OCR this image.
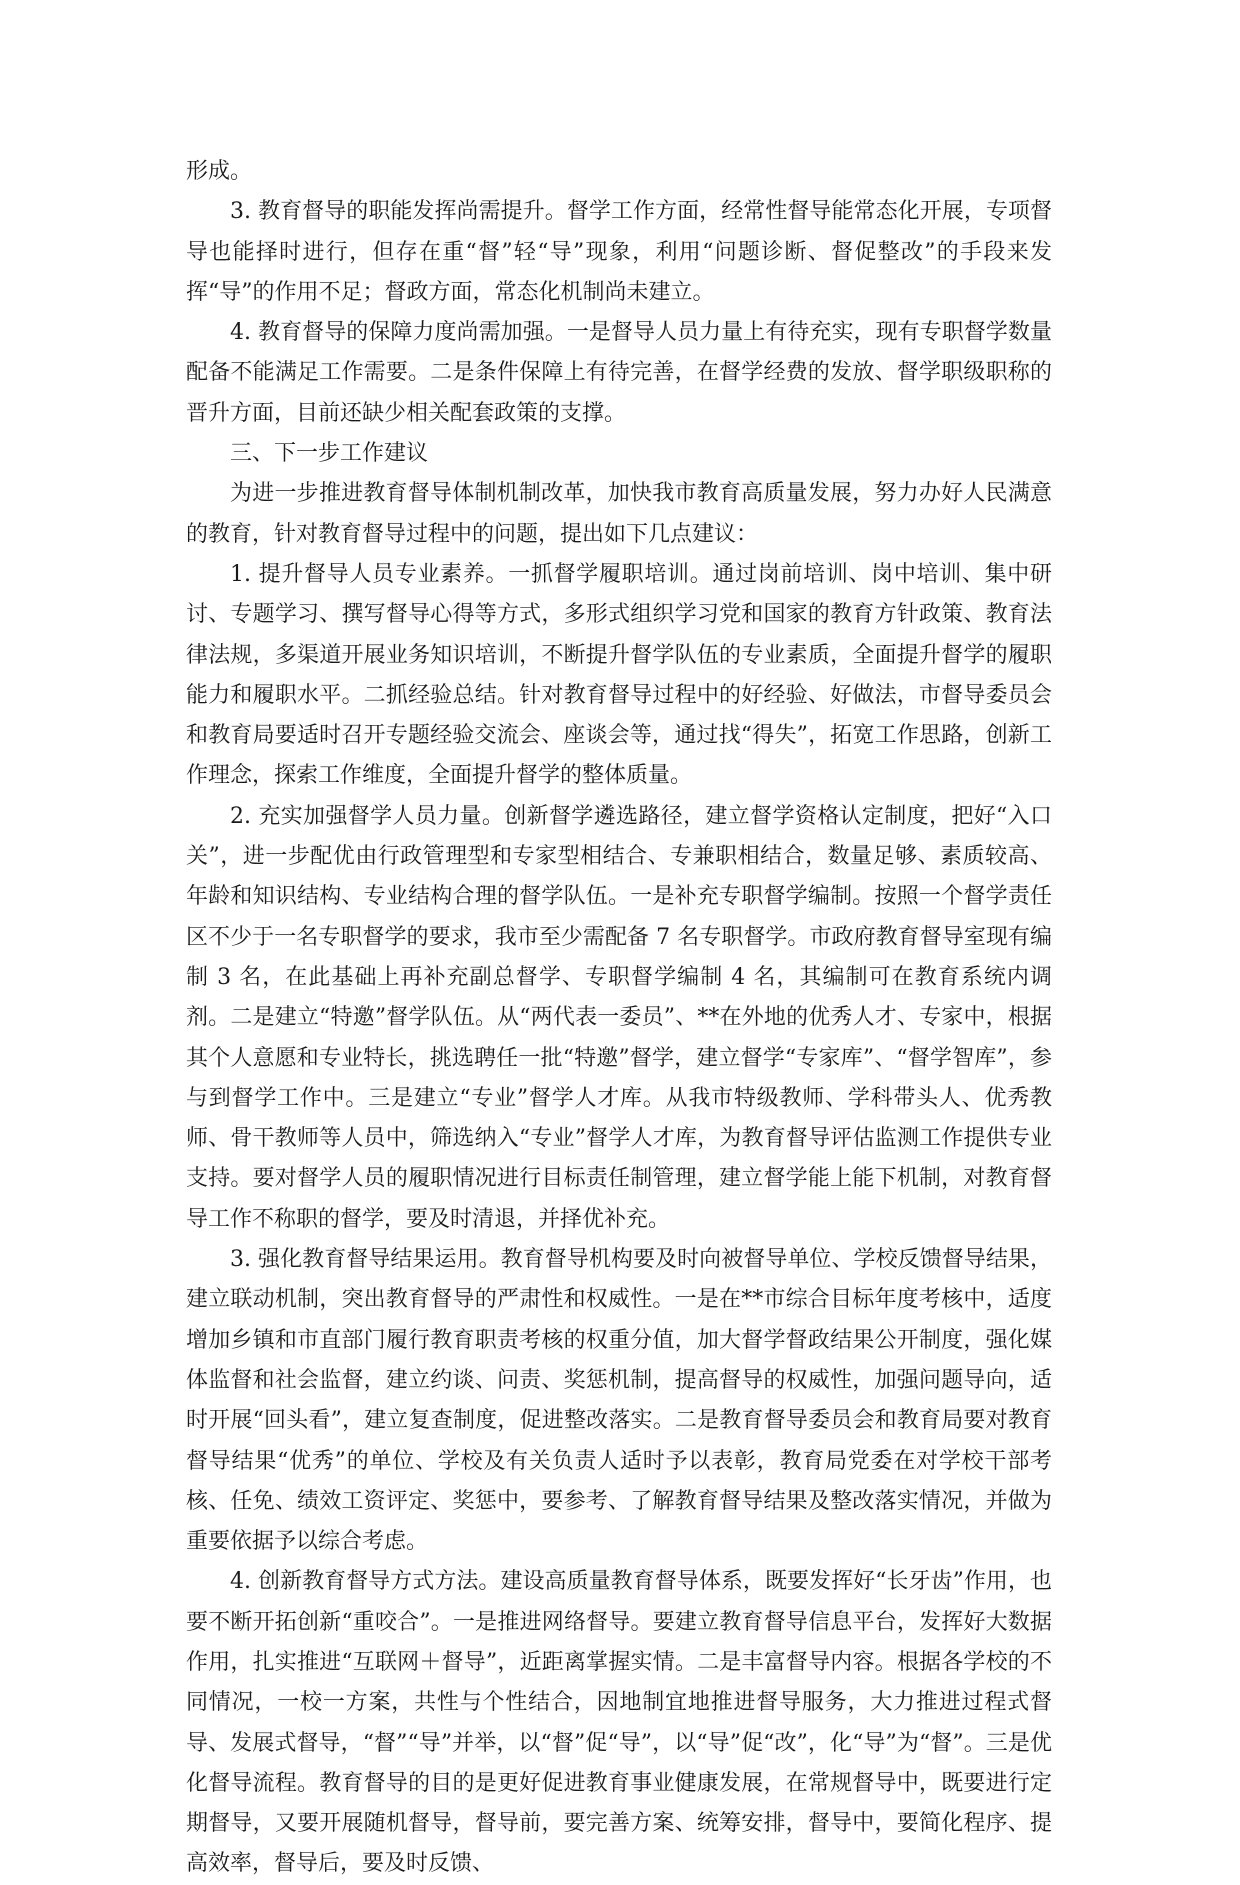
形成。

3. 教育督导的职能发挥尚需提升。督学工作方面，经常性督导能常态化开展，专项督导也能择时进行，但存在重“督”轻“导”现象，利用“问题诊断、督促整改”的手段来发挥“导”的作用不足；督政方面，常态化机制尚未建立。

4. 教育督导的保障力度尚需加强。一是督导人员力量上有待充实，现有专职督学数量配备不能满足工作需要。二是条件保障上有待完善，在督学经费的发放、督学职级职称的晋升方面，目前还缺少相关配套政策的支撑。

三、下一步工作建议

为进一步推进教育督导体制机制改革，加快我市教育高质量发展，努力办好人民满意的教育，针对教育督导过程中的问题，提出如下几点建议：

1. 提升督导人员专业素养。一抓督学履职培训。通过岗前培训、岗中培训、集中研讨、专题学习、撰写督导心得等方式，多形式组织学习党和国家的教育方针政策、教育法律法规，多渠道开展业务知识培训，不断提升督学队伍的专业素质，全面提升督学的履职能力和履职水平。二抓经验总结。针对教育督导过程中的好经验、好做法，市督导委员会和教育局要适时召开专题经验交流会、座谈会等，通过找“得失”，拓宽工作思路，创新工作理念，探索工作维度，全面提升督学的整体质量。

2. 充实加强督学人员力量。创新督学遴选路径，建立督学资格认定制度，把好“入口关”，进一步配优由行政管理型和专家型相结合、专兼职相结合，数量足够、素质较高、年龄和知识结构、专业结构合理的督学队伍。一是补充专职督学编制。按照一个督学责任区不少于一名专职督学的要求，我市至少需配备 7 名专职督学。市政府教育督导室现有编制 3 名，在此基础上再补充副总督学、专职督学编制 4 名，其编制可在教育系统内调剂。二是建立“特邀”督学队伍。从“两代表一委员”、**在外地的优秀人才、专家中，根据其个人意愿和专业特长，挑选聘任一批“特邀”督学，建立督学“专家库”、“督学智库”，参与到督学工作中。三是建立“专业”督学人才库。从我市特级教师、学科带头人、优秀教师、骨干教师等人员中，筛选纳入“专业”督学人才库，为教育督导评估监测工作提供专业支持。要对督学人员的履职情况进行目标责任制管理，建立督学能上能下机制，对教育督导工作不称职的督学，要及时清退，并择优补充。

3. 强化教育督导结果运用。教育督导机构要及时向被督导单位、学校反馈督导结果，建立联动机制，突出教育督导的严肃性和权威性。一是在**市综合目标年度考核中，适度增加乡镇和市直部门履行教育职责考核的权重分值，加大督学督政结果公开制度，强化媒体监督和社会监督，建立约谈、问责、奖惩机制，提高督导的权威性，加强问题导向，适时开展“回头看”，建立复查制度，促进整改落实。二是教育督导委员会和教育局要对教育督导结果“优秀”的单位、学校及有关负责人适时予以表彰，教育局党委在对学校干部考核、任免、绩效工资评定、奖惩中，要参考、了解教育督导结果及整改落实情况，并做为重要依据予以综合考虑。

4. 创新教育督导方式方法。建设高质量教育督导体系，既要发挥好“长牙齿”作用，也要不断开拓创新“重咬合”。一是推进网络督导。要建立教育督导信息平台，发挥好大数据作用，扎实推进“互联网＋督导”，近距离掌握实情。二是丰富督导内容。根据各学校的不同情况，一校一方案，共性与个性结合，因地制宜地推进督导服务，大力推进过程式督导、发展式督导，“督”“导”并举，以“督”促“导”，以“导”促“改”，化“导”为“督”。三是优化督导流程。教育督导的目的是更好促进教育事业健康发展，在常规督导中，既要进行定期督导，又要开展随机督导，督导前，要完善方案、统筹安排，督导中，要简化程序、提高效率，督导后，要及时反馈、
